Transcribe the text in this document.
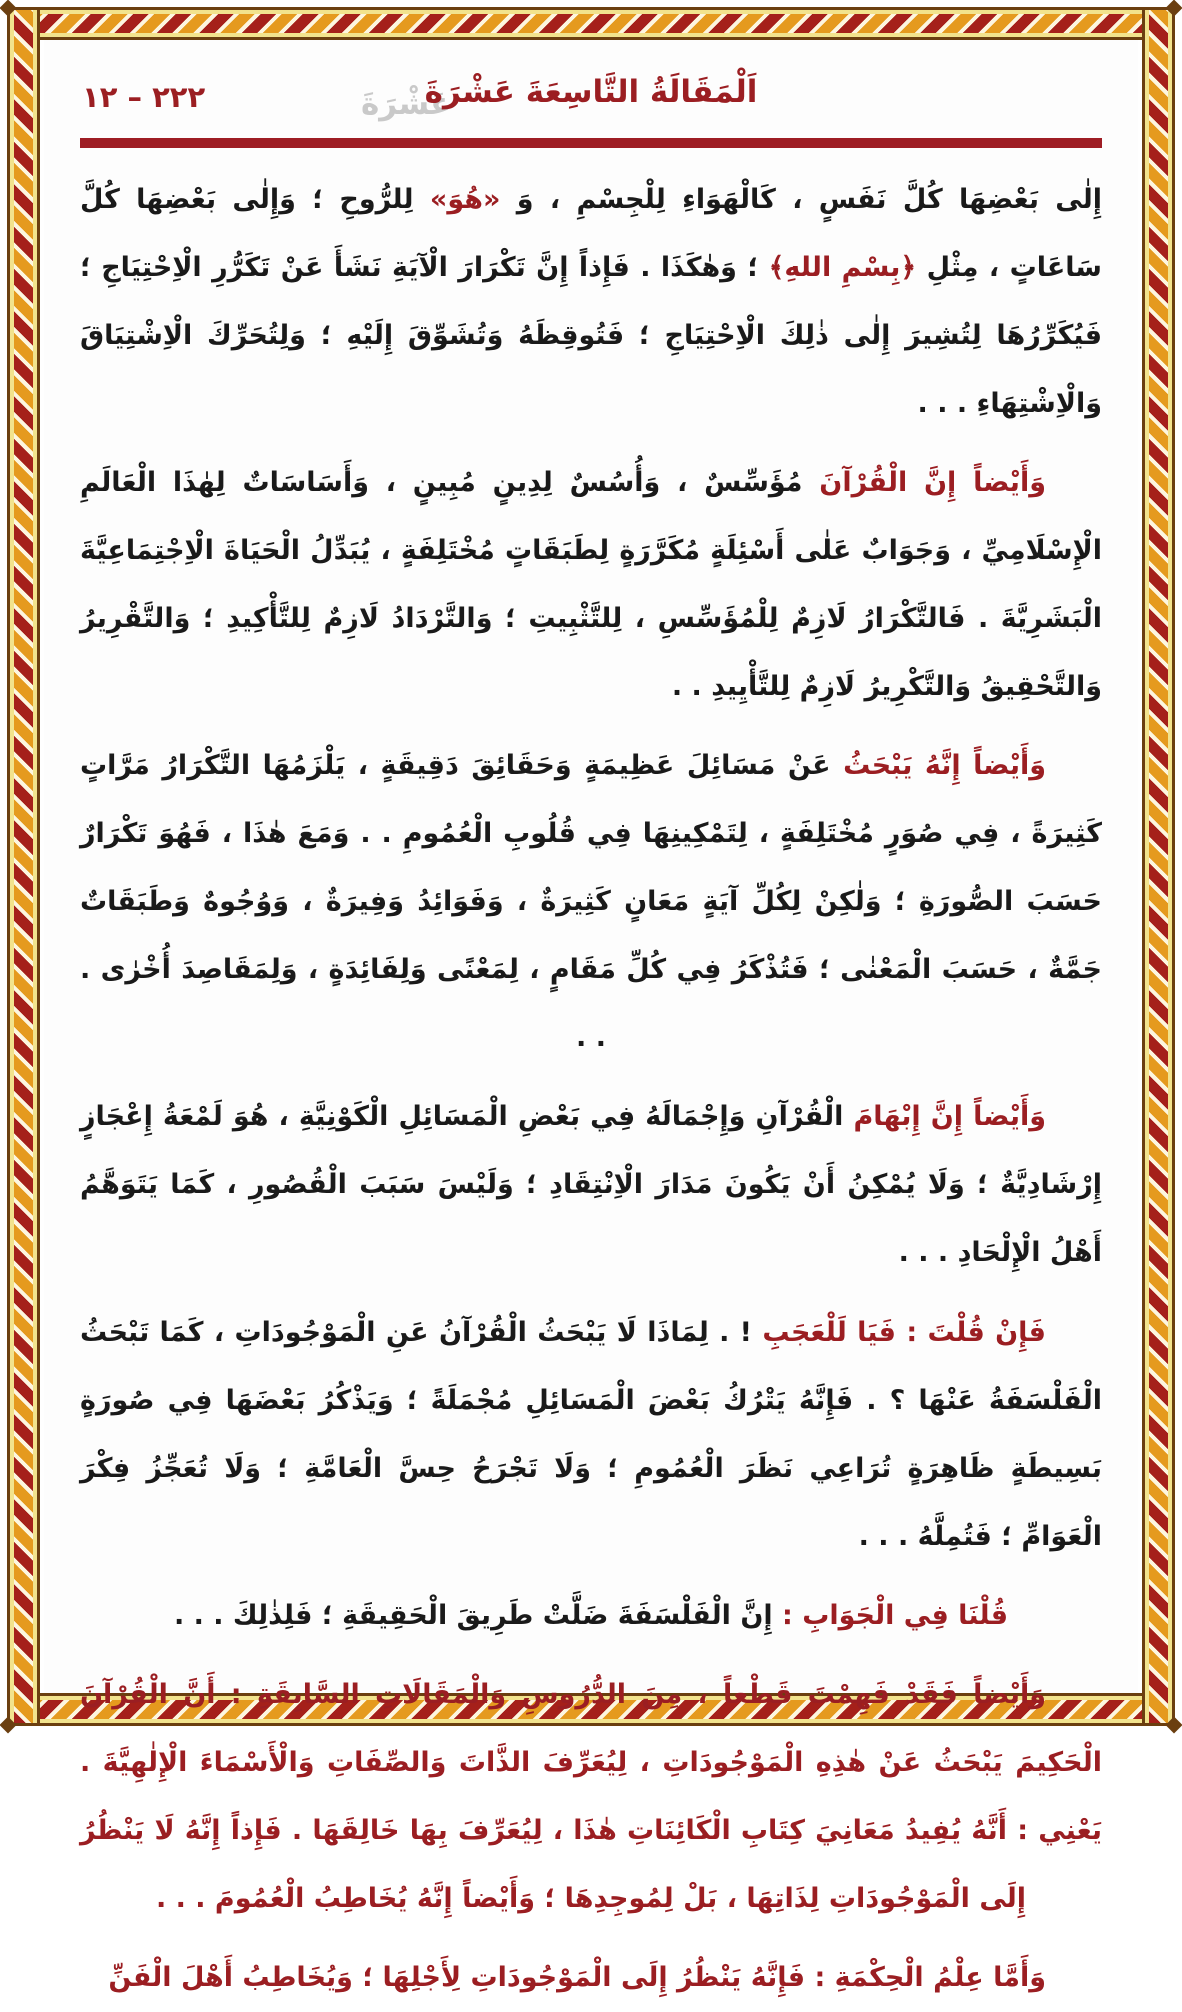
٢٢٢ – ١٢	عَشْرَةَ
اَلْمَقَالَةُ التَّاسِعَةَ عَشْرَةَ

إِلٰى بَعْضِهَا كُلَّ نَفَسٍ ، كَالْهَوَاءِ لِلْجِسْمِ ، وَ «هُوَ» لِلرُّوحِ ؛ وَإِلٰى بَعْضِهَا كُلَّ سَاعَاتٍ ، مِثْلِ ﴿بِسْمِ اللهِ﴾ ؛ وَهٰكَذَا . فَإِذاً إِنَّ تَكْرَارَ الْآيَةِ نَشَأَ عَنْ تَكَرُّرِ الْاِحْتِيَاجِ ؛ فَيُكَرِّرُهَا لِتُشِيرَ إِلٰى ذٰلِكَ الْاِحْتِيَاجِ ؛ فَتُوقِظَهُ وَتُشَوِّقَ إِلَيْهِ ؛ وَلِتُحَرِّكَ الْاِشْتِيَاقَ وَالْاِشْتِهَاءِ . . .

وَأَيْضاً إِنَّ الْقُرْآنَ مُؤَسِّسٌ ، وَأُسُسٌ لِدِينٍ مُبِينٍ ، وَأَسَاسَاتٌ لِهٰذَا الْعَالَمِ الْإِسْلَامِيِّ ، وَجَوَابٌ عَلٰى أَسْئِلَةٍ مُكَرَّرَةٍ لِطَبَقَاتٍ مُخْتَلِفَةٍ ، يُبَدِّلُ الْحَيَاةَ الْاِجْتِمَاعِيَّةَ الْبَشَرِيَّةَ . فَالتَّكْرَارُ لَازِمٌ لِلْمُؤَسِّسِ ، لِلتَّثْبِيتِ ؛ وَالتَّرْدَادُ لَازِمٌ لِلتَّأْكِيدِ ؛ وَالتَّقْرِيرُ وَالتَّحْقِيقُ وَالتَّكْرِيرُ لَازِمٌ لِلتَّأْيِيدِ . .

وَأَيْضاً إِنَّهُ يَبْحَثُ عَنْ مَسَائِلَ عَظِيمَةٍ وَحَقَائِقَ دَقِيقَةٍ ، يَلْزَمُهَا التَّكْرَارُ مَرَّاتٍ كَثِيرَةً ، فِي صُوَرٍ مُخْتَلِفَةٍ ، لِتَمْكِينِهَا فِي قُلُوبِ الْعُمُومِ . . وَمَعَ هٰذَا ، فَهُوَ تَكْرَارٌ حَسَبَ الصُّورَةِ ؛ وَلٰكِنْ لِكُلِّ آيَةٍ مَعَانٍ كَثِيرَةٌ ، وَفَوَائِدُ وَفِيرَةٌ ، وَوُجُوهٌ وَطَبَقَاتٌ جَمَّةٌ ، حَسَبَ الْمَعْنٰى ؛ فَتُذْكَرُ فِي كُلِّ مَقَامٍ ، لِمَعْنًى وَلِفَائِدَةٍ ، وَلِمَقَاصِدَ أُخْرٰى . . .

وَأَيْضاً إِنَّ إِبْهَامَ الْقُرْآنِ وَإِجْمَالَهُ فِي بَعْضِ الْمَسَائِلِ الْكَوْنِيَّةِ ، هُوَ لَمْعَةُ إِعْجَازٍ إِرْشَادِيَّةٌ ؛ وَلَا يُمْكِنُ أَنْ يَكُونَ مَدَارَ الْاِنْتِقَادِ ؛ وَلَيْسَ سَبَبَ الْقُصُورِ ، كَمَا يَتَوَهَّمُ أَهْلُ الْإِلْحَادِ . . .

فَإِنْ قُلْتَ : فَيَا لَلْعَجَبِ ! . لِمَاذَا لَا يَبْحَثُ الْقُرْآنُ عَنِ الْمَوْجُودَاتِ ، كَمَا تَبْحَثُ الْفَلْسَفَةُ عَنْهَا ؟ . فَإِنَّهُ يَتْرُكُ بَعْضَ الْمَسَائِلِ مُجْمَلَةً ؛ وَيَذْكُرُ بَعْضَهَا فِي صُورَةٍ بَسِيطَةٍ ظَاهِرَةٍ تُرَاعِي نَظَرَ الْعُمُومِ ؛ وَلَا تَجْرَحُ حِسَّ الْعَامَّةِ ؛ وَلَا تُعَجِّزُ فِكْرَ الْعَوَامِّ ؛ فَتُمِلَّهُ . . .

قُلْنَا فِي الْجَوَابِ : إِنَّ الْفَلْسَفَةَ ضَلَّتْ طَرِيقَ الْحَقِيقَةِ ؛ فَلِذٰلِكَ . . .

وَأَيْضاً فَقَدْ فَهِمْتَ قَطْعاً ، مِنَ الدُّرُوسِ وَالْمَقَالَاتِ السَّابِقَةِ : أَنَّ الْقُرْآنَ الْحَكِيمَ يَبْحَثُ عَنْ هٰذِهِ الْمَوْجُودَاتِ ، لِيُعَرِّفَ الذَّاتَ وَالصِّفَاتِ وَالْأَسْمَاءَ الْإِلٰهِيَّةَ . يَعْنِي : أَنَّهُ يُفِيدُ مَعَانِيَ كِتَابِ الْكَائِنَاتِ هٰذَا ، لِيُعَرِّفَ بِهَا خَالِقَهَا . فَإِذاً إِنَّهُ لَا يَنْظُرُ إِلَى الْمَوْجُودَاتِ لِذَاتِهَا ، بَلْ لِمُوجِدِهَا ؛ وَأَيْضاً إِنَّهُ يُخَاطِبُ الْعُمُومَ . . .

وَأَمَّا عِلْمُ الْحِكْمَةِ : فَإِنَّهُ يَنْظُرُ إِلَى الْمَوْجُودَاتِ لِأَجْلِهَا ؛ وَيُخَاطِبُ أَهْلَ الْفَنِّ
